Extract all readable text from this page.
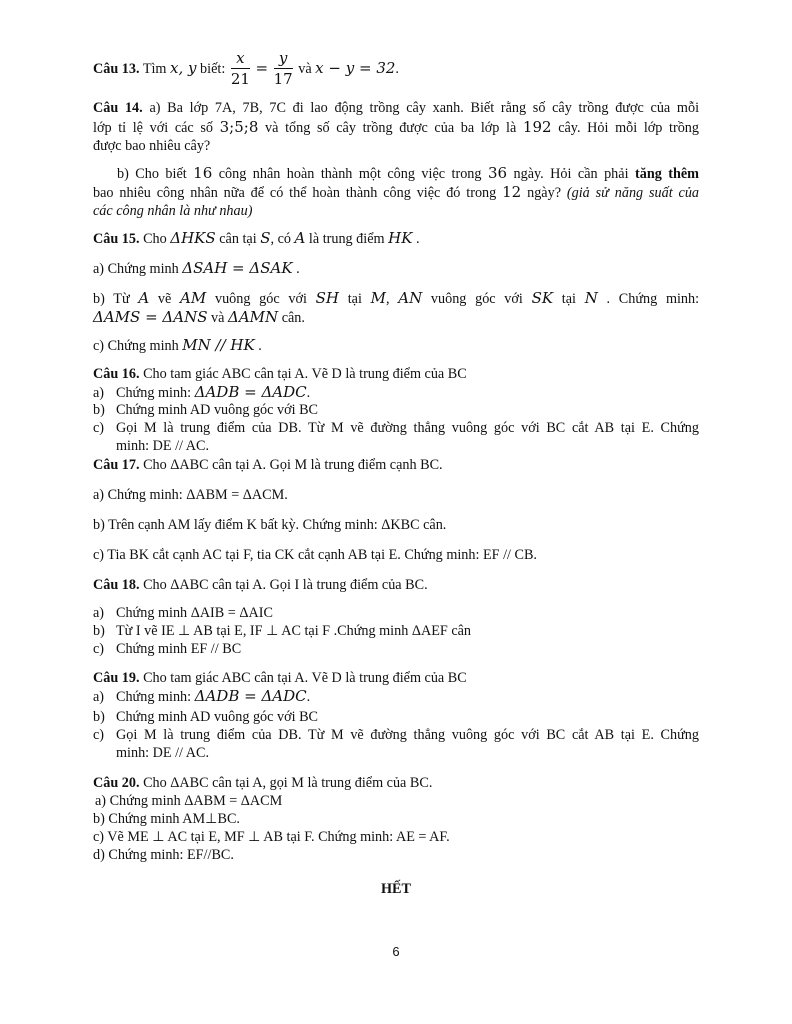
Câu 13. Tìm x, y biết: $\frac{x}{21} = \frac{y}{17}$ và x − y = 32.
Câu 14. a) Ba lớp 7A, 7B, 7C đi lao động trồng cây xanh. Biết rằng số cây trồng được của mỗi
lớp tỉ lệ với các số 3;5;8 và tổng số cây trồng được của ba lớp là 192 cây. Hỏi mỗi lớp trồng
được bao nhiêu cây?
b) Cho biết 16 công nhân hoàn thành một công việc trong 36 ngày. Hỏi cần phải tăng thêm
bao nhiêu công nhân nữa để có thể hoàn thành công việc đó trong 12 ngày? (giả sử năng suất của
các công nhân là như nhau)
Câu 15. Cho ΔHKS cân tại S, có A là trung điểm HK .
a) Chứng minh ΔSAH = ΔSAK .
b) Từ A vẽ AM vuông góc với SH tại M, AN vuông góc với SK tại N . Chứng minh:
ΔAMS = ΔANS và ΔAMN cân.
c) Chứng minh MN // HK .
Câu 16. Cho tam giác ABC cân tại A. Vẽ D là trung điểm của BC
a) Chứng minh: ΔADB = ΔADC.
b) Chứng minh AD vuông góc với BC
c) Gọi M là trung điểm của DB. Từ M vẽ đường thẳng vuông góc với BC cắt AB tại E. Chứng
minh: DE // AC.
Câu 17. Cho ΔABC cân tại A. Gọi M là trung điểm cạnh BC.
a) Chứng minh: ΔABM = ΔACM.
b) Trên cạnh AM lấy điểm K bất kỳ. Chứng minh: ΔKBC cân.
c) Tia BK cắt cạnh AC tại F, tia CK cắt cạnh AB tại E. Chứng minh: EF // CB.
Câu 18. Cho ΔABC cân tại A. Gọi I là trung điểm của BC.
a) Chứng minh ΔAIB = ΔAIC
b) Từ I vẽ IE ⊥ AB tại E, IF ⊥ AC tại F .Chứng minh ΔAEF cân
c) Chứng minh EF // BC
Câu 19. Cho tam giác ABC cân tại A. Vẽ D là trung điểm của BC
a) Chứng minh: ΔADB = ΔADC.
b) Chứng minh AD vuông góc với BC
c) Gọi M là trung điểm của DB. Từ M vẽ đường thẳng vuông góc với BC cắt AB tại E. Chứng
minh: DE // AC.
Câu 20. Cho ΔABC cân tại A, gọi M là trung điểm của BC.
a) Chứng minh ΔABM = ΔACM
b) Chứng minh AM⊥BC.
c) Vẽ ME ⊥ AC tại E, MF ⊥ AB tại F. Chứng minh: AE = AF.
d) Chứng minh: EF//BC.
HẾT
6
